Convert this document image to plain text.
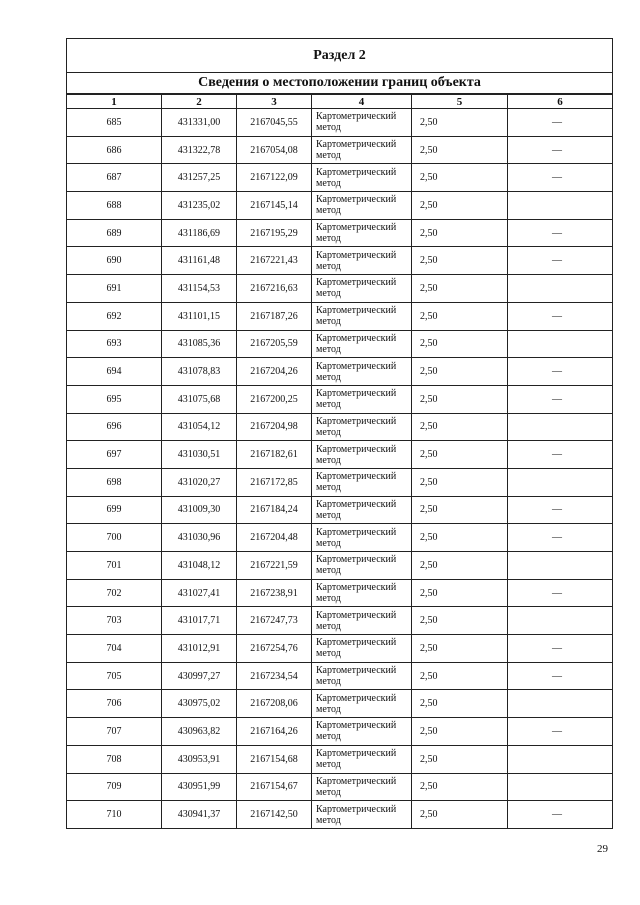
Раздел 2					
Сведения о местоположении границ объекта					
1	2	3	4	5	6
685	431331,00	2167045,55	Картометрический метод	2,50	—
686	431322,78	2167054,08	Картометрический метод	2,50	—
687	431257,25	2167122,09	Картометрический метод	2,50	—
688	431235,02	2167145,14	Картометрический метод	2,50	
689	431186,69	2167195,29	Картометрический метод	2,50	—
690	431161,48	2167221,43	Картометрический метод	2,50	—
691	431154,53	2167216,63	Картометрический метод	2,50	
692	431101,15	2167187,26	Картометрический метод	2,50	—
693	431085,36	2167205,59	Картометрический метод	2,50	
694	431078,83	2167204,26	Картометрический метод	2,50	—
695	431075,68	2167200,25	Картометрический метод	2,50	—
696	431054,12	2167204,98	Картометрический метод	2,50	
697	431030,51	2167182,61	Картометрический метод	2,50	—
698	431020,27	2167172,85	Картометрический метод	2,50	
699	431009,30	2167184,24	Картометрический метод	2,50	—
700	431030,96	2167204,48	Картометрический метод	2,50	—
701	431048,12	2167221,59	Картометрический метод	2,50	
702	431027,41	2167238,91	Картометрический метод	2,50	—
703	431017,71	2167247,73	Картометрический метод	2,50	
704	431012,91	2167254,76	Картометрический метод	2,50	—
705	430997,27	2167234,54	Картометрический метод	2,50	—
706	430975,02	2167208,06	Картометрический метод	2,50	
707	430963,82	2167164,26	Картометрический метод	2,50	—
708	430953,91	2167154,68	Картометрический метод	2,50	
709	430951,99	2167154,67	Картометрический метод	2,50	
710	430941,37	2167142,50	Картометрический метод	2,50	—
29
